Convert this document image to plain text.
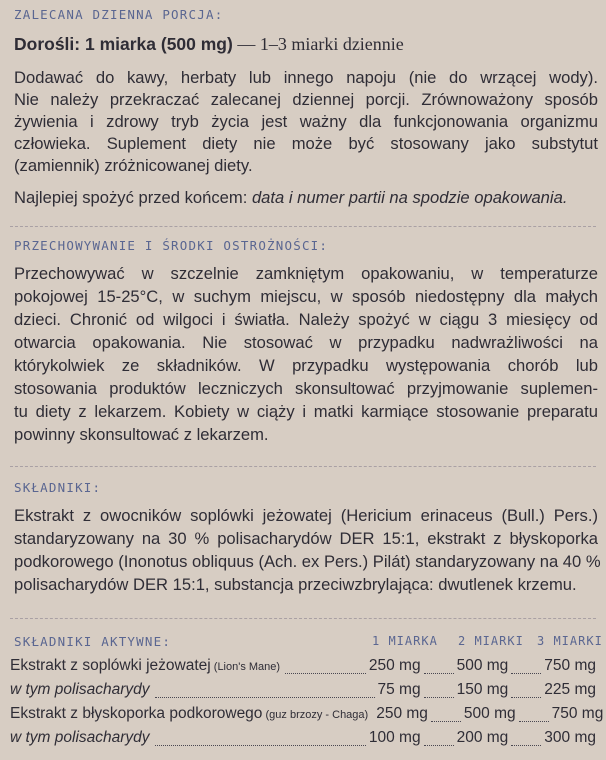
ZALECANA DZIENNA PORCJA:
Dorośli: 1 miarka (500 mg) — 1–3 miarki dziennie
Dodawać do kawy, herbaty lub innego napoju (nie do wrzącej wody).
Nie należy przekraczać zalecanej dziennej porcji. Zrównoważony sposób
żywienia i zdrowy tryb życia jest ważny dla funkcjonowania organizmu
człowieka. Suplement diety nie może być stosowany jako substytut
(zamiennik) zróżnicowanej diety.
Najlepiej spożyć przed końcem: data i numer partii na spodzie opakowania.
PRZECHOWYWANIE I ŚRODKI OSTROŻNOŚCI:
Przechowywać w szczelnie zamkniętym opakowaniu, w temperaturze
pokojowej 15-25°C, w suchym miejscu, w sposób niedostępny dla małych
dzieci. Chronić od wilgoci i światła. Należy spożyć w ciągu 3 miesięcy od
otwarcia opakowania. Nie stosować w przypadku nadwrażliwości na
którykolwiek ze składników. W przypadku występowania chorób lub
stosowania produktów leczniczych skonsultować przyjmowanie suplemen-
tu diety z lekarzem. Kobiety w ciąży i matki karmiące stosowanie preparatu
powinny skonsultować z lekarzem.
SKŁADNIKI:
Ekstrakt z owocników soplówki jeżowatej (Hericium erinaceus (Bull.) Pers.)
standaryzowany na 30 % polisacharydów DER 15:1, ekstrakt z błyskoporka
podkorowego (Inonotus obliquus (Ach. ex Pers.) Pilát) standaryzowany na 40 %
polisacharydów DER 15:1, substancja przeciwzbrylająca: dwutlenek krzemu.
SKŁADNIKI AKTYWNE:	1 MIARKA 2 MIARKI 3 MIARKI
Ekstrakt z soplówki jeżowatej (Lion's Mane)	250 mg 500 mg 750 mg
w tym polisacharydy	75 mg 150 mg 225 mg
Ekstrakt z błyskoporka podkorowego (guz brzozy - Chaga) 250 mg 500 mg 750 mg
w tym polisacharydy	100 mg 200 mg 300 mg
